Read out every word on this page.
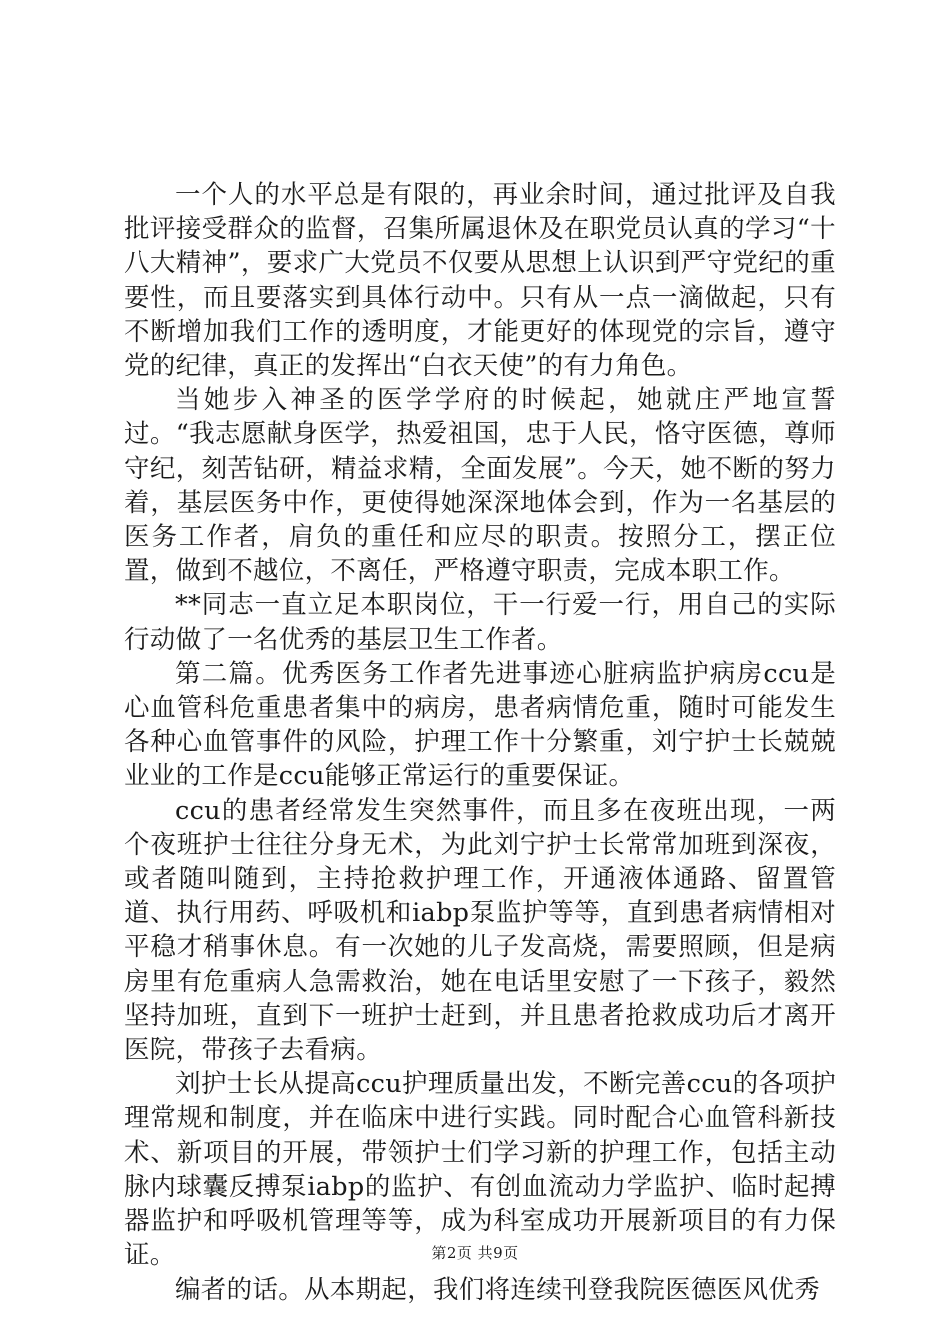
一个人的水平总是有限的，再业余时间，通过批评及自我批评接受群众的监督，召集所属退休及在职党员认真的学习“十八大精神”，要求广大党员不仅要从思想上认识到严守党纪的重要性，而且要落实到具体行动中。只有从一点一滴做起，只有不断增加我们工作的透明度，才能更好的体现党的宗旨，遵守党的纪律，真正的发挥出“白衣天使”的有力角色。

当她步入神圣的医学学府的时候起，她就庄严地宣誓过。“我志愿献身医学，热爱祖国，忠于人民，恪守医德，尊师守纪，刻苦钻研，精益求精，全面发展”。今天，她不断的努力着，基层医务中作，更使得她深深地体会到，作为一名基层的医务工作者，肩负的重任和应尽的职责。按照分工，摆正位置，做到不越位，不离任，严格遵守职责，完成本职工作。

**同志一直立足本职岗位，干一行爱一行，用自己的实际行动做了一名优秀的基层卫生工作者。

第二篇。优秀医务工作者先进事迹心脏病监护病房ccu是心血管科危重患者集中的病房，患者病情危重，随时可能发生各种心血管事件的风险，护理工作十分繁重，刘宁护士长兢兢业业的工作是ccu能够正常运行的重要保证。

ccu的患者经常发生突然事件，而且多在夜班出现，一两个夜班护士往往分身无术，为此刘宁护士长常常加班到深夜，或者随叫随到，主持抢救护理工作，开通液体通路、留置管道、执行用药、呼吸机和iabp泵监护等等，直到患者病情相对平稳才稍事休息。有一次她的儿子发高烧，需要照顾，但是病房里有危重病人急需救治，她在电话里安慰了一下孩子，毅然坚持加班，直到下一班护士赶到，并且患者抢救成功后才离开医院，带孩子去看病。

刘护士长从提高ccu护理质量出发，不断完善ccu的各项护理常规和制度，并在临床中进行实践。同时配合心血管科新技术、新项目的开展，带领护士们学习新的护理工作，包括主动脉内球囊反搏泵iabp的监护、有创血流动力学监护、临时起搏器监护和呼吸机管理等等，成为科室成功开展新项目的有力保证。

编者的话。从本期起，我们将连续刊登我院医德医风优秀

第2页 共9页
